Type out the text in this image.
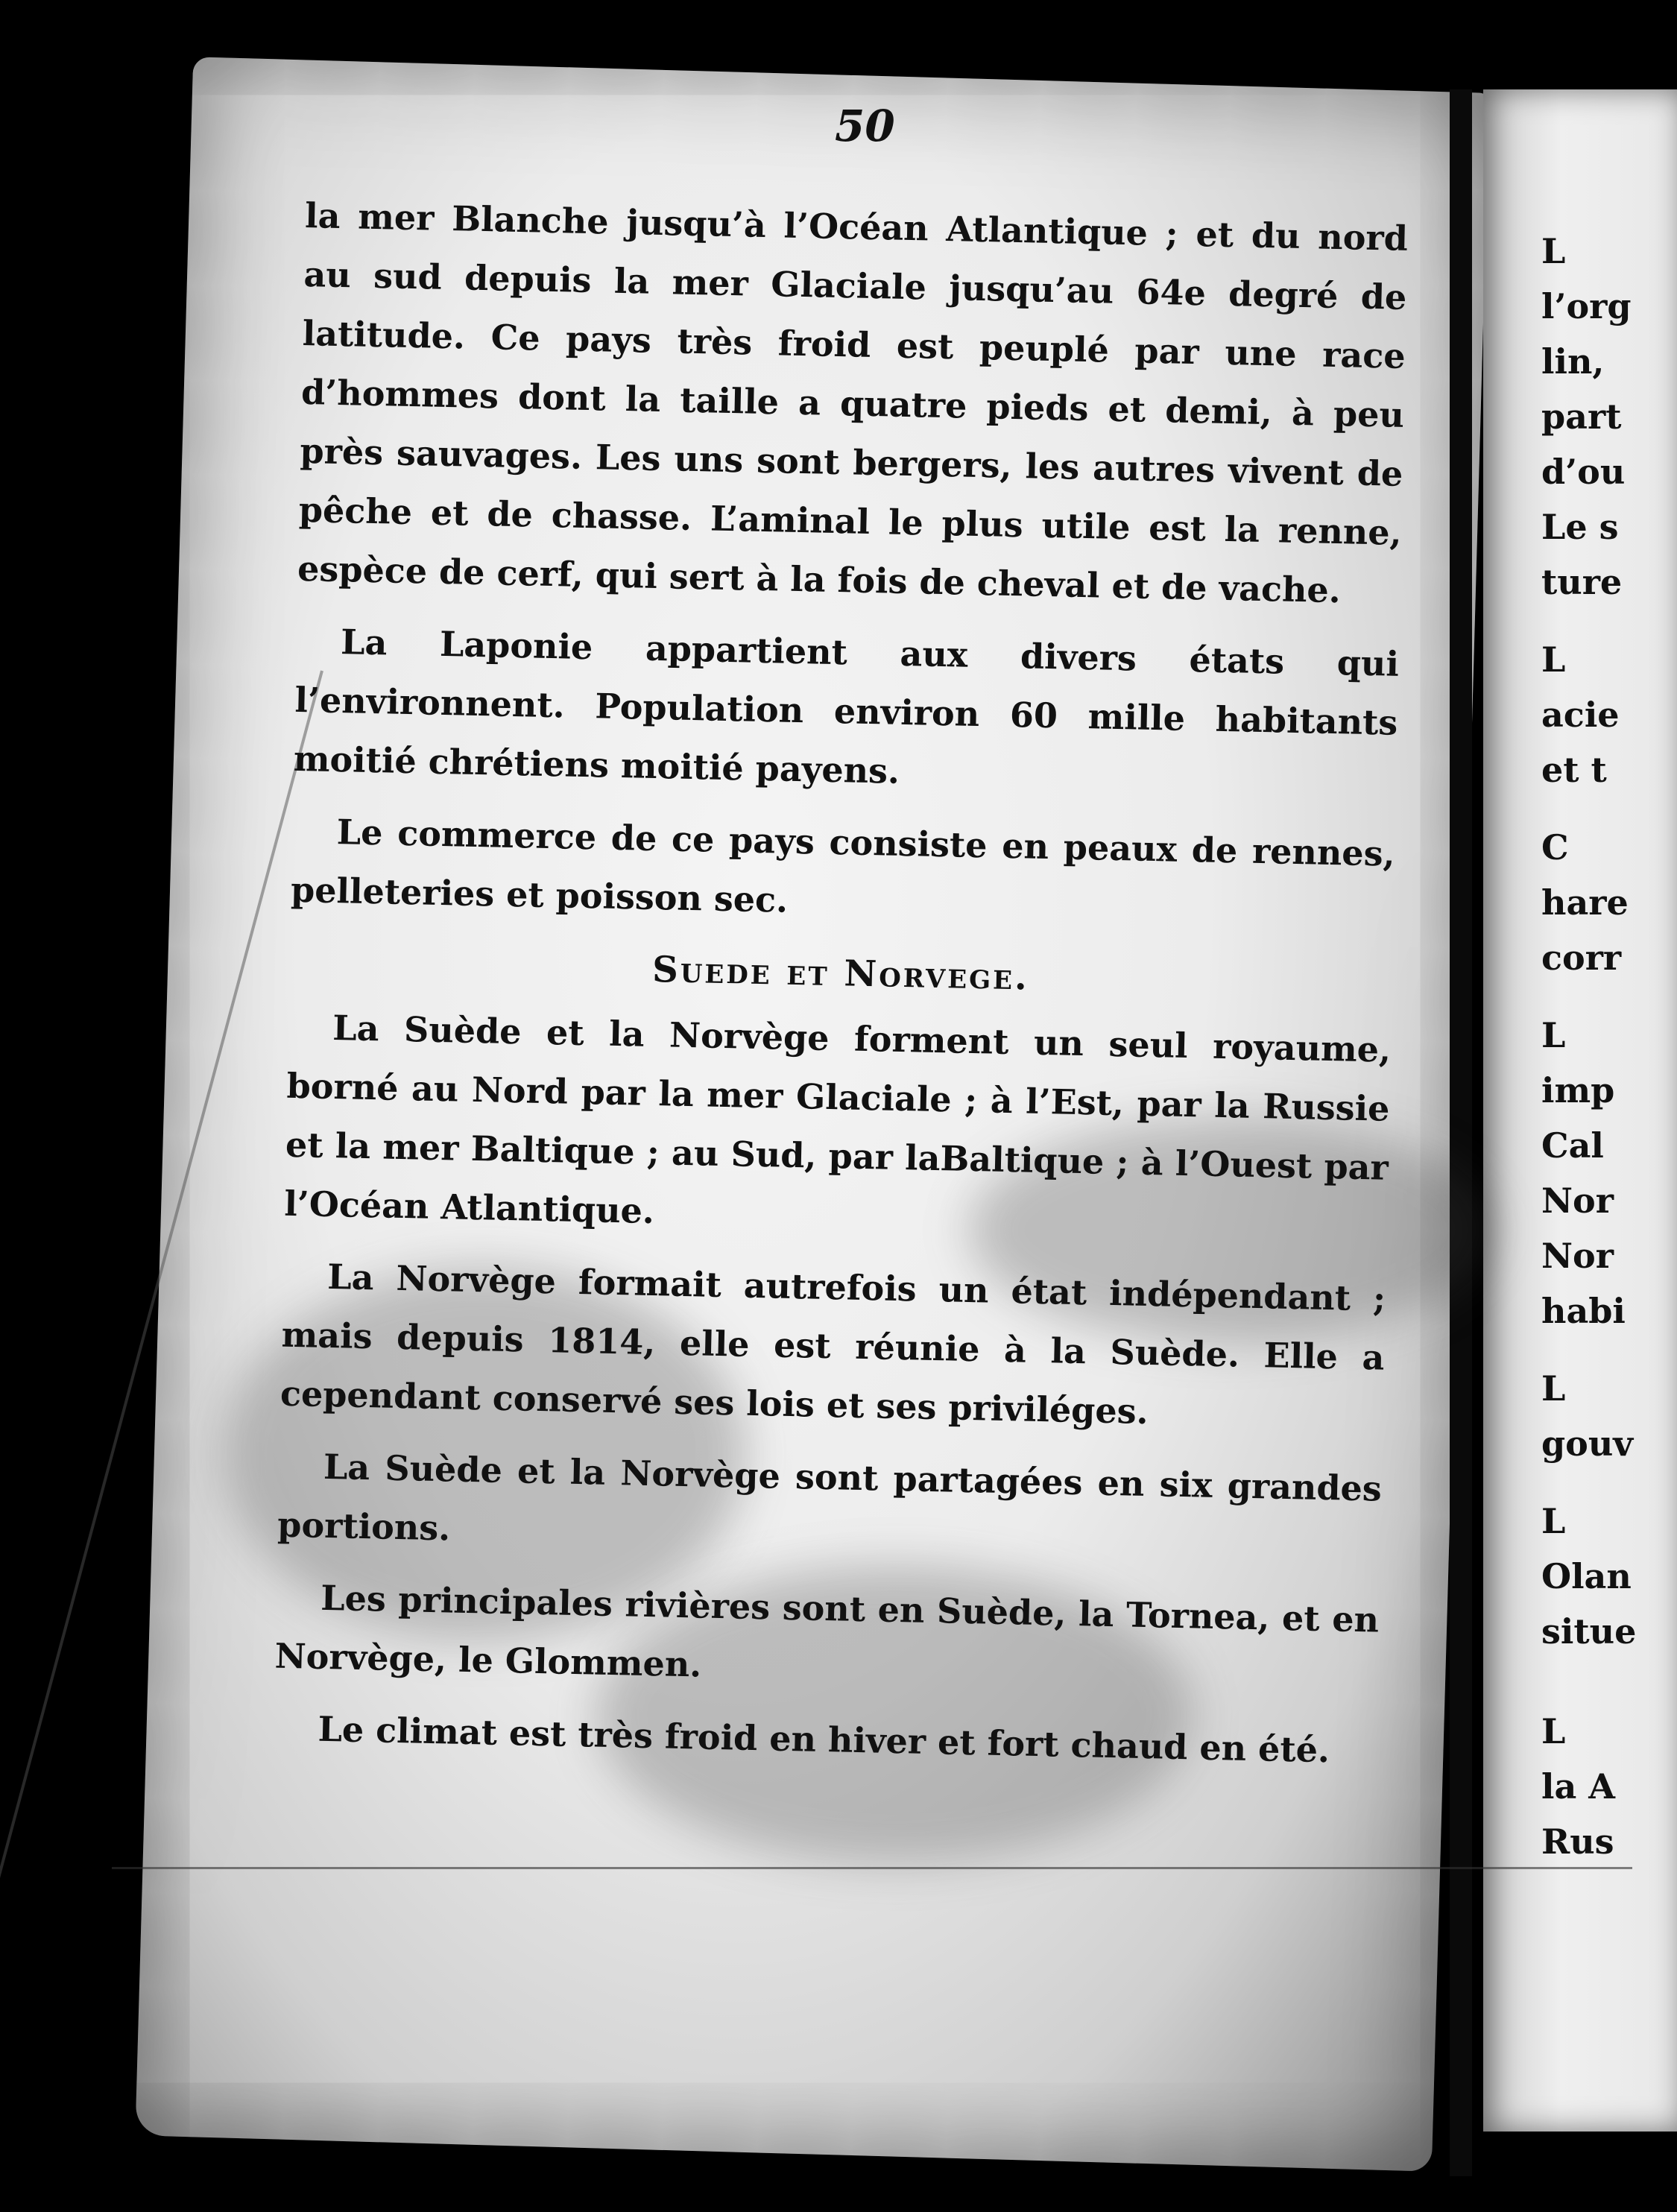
50

la mer Blanche jusqu’à l’Océan Atlantique ; et du nord au sud depuis la mer Glaciale jusqu’au 64e degré de latitude. Ce pays très froid est peuplé par une race d’hommes dont la taille a quatre pieds et demi, à peu près sauvages. Les uns sont bergers, les autres vivent de pêche et de chasse. L’aminal le plus utile est la renne, espèce de cerf, qui sert à la fois de cheval et de vache.

La Laponie appartient aux divers états qui l’environnent. Population environ 60 mille habitants moitié chrétiens moitié payens.

Le commerce de ce pays consiste en peaux de rennes, pelleteries et poisson sec.

Suede et Norvege.

La Suède et la Norvège forment un seul royaume, borné au Nord par la mer Glaciale ; à l’Est, par la Russie et la mer Baltique ; au Sud, par laBaltique ; à l’Ouest par l’Océan Atlantique.

La Norvège formait autrefois un état indépendant ; mais depuis 1814, elle est réunie à la Suède. Elle a cependant conservé ses lois et ses priviléges.

La Suède et la Norvège sont partagées en six grandes portions.

Les principales rivières sont en Suède, la Tornea, et en Norvège, le Glommen.

Le climat est très froid en hiver et fort chaud en été.

L
l’org
lin,
part
d’ou
Le s
ture
L
acie
et t
C
hare
corr
L
imp
Cal
Nor
Nor
habi
L
gouv
L
Olan
situe
L
la A
Rus
